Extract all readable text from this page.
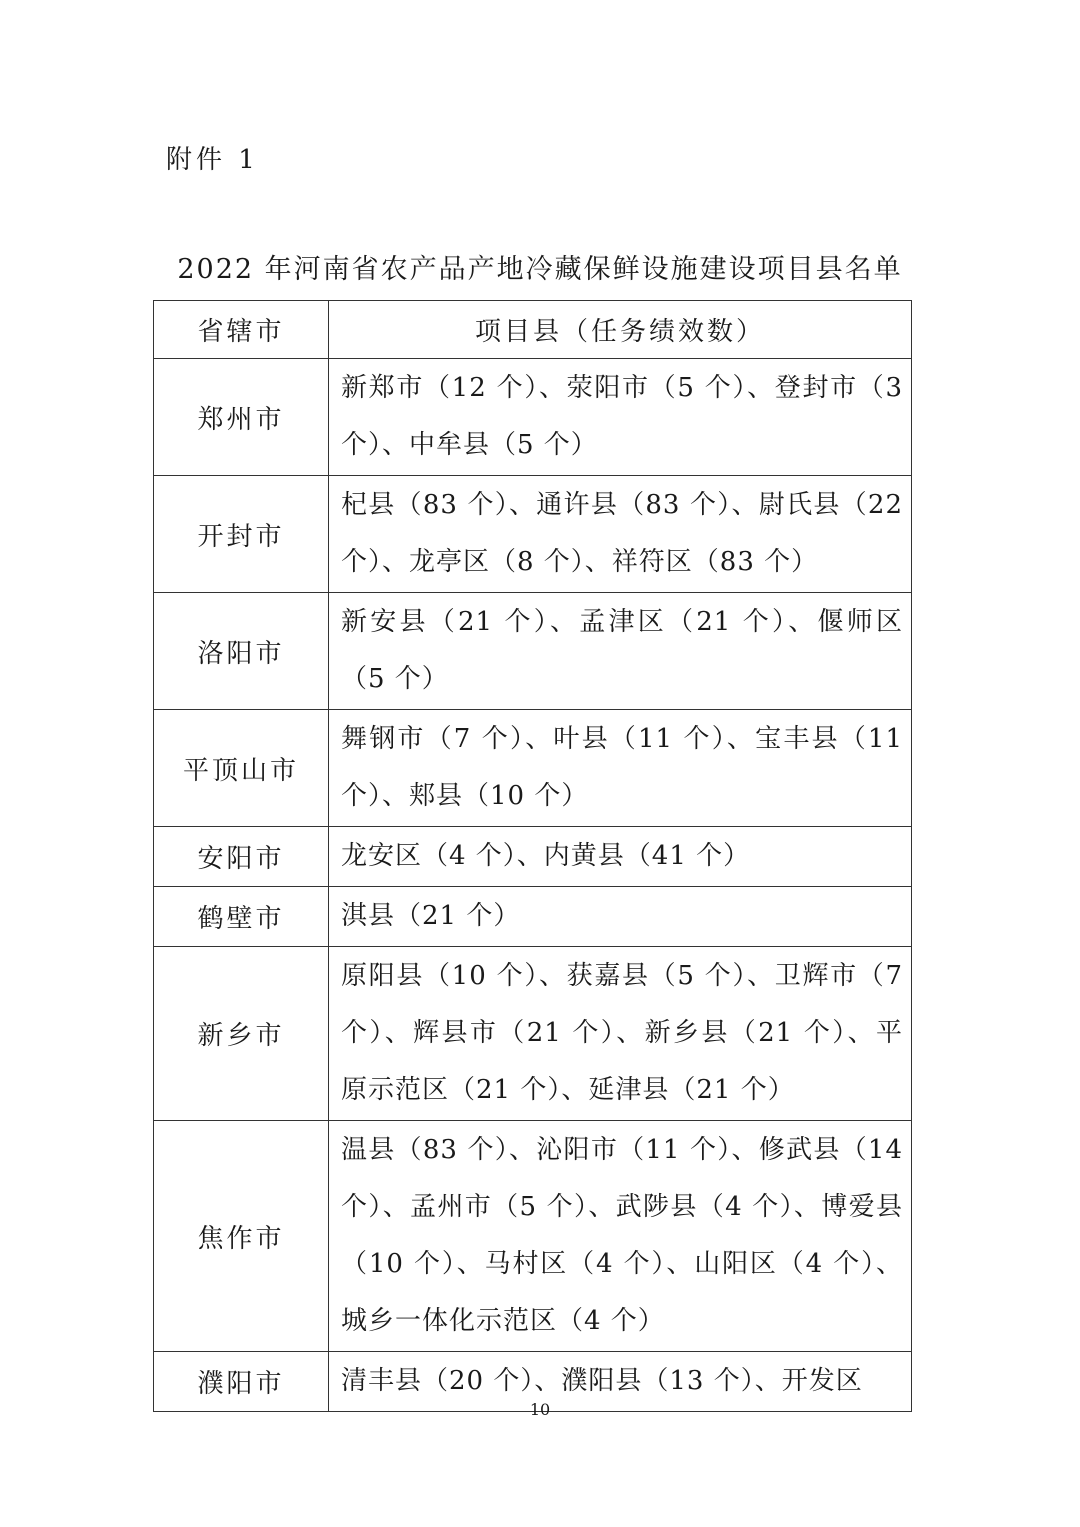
附件 1
2022 年河南省农产品产地冷藏保鲜设施建设项目县名单
省辖市	项目县（任务绩效数）
郑州市	新郑市（12 个）、荥阳市（5 个）、登封市（3 个）、中牟县（5 个）
开封市	杞县（83 个）、通许县（83 个）、尉氏县（22 个）、龙亭区（8 个）、祥符区（83 个）
洛阳市	新安县（21 个）、孟津区（21 个）、偃师区（5 个）
平顶山市	舞钢市（7 个）、叶县（11 个）、宝丰县（11 个）、郏县（10 个）
安阳市	龙安区（4 个）、内黄县（41 个）
鹤壁市	淇县（21 个）
新乡市	原阳县（10 个）、获嘉县（5 个）、卫辉市（7 个）、辉县市（21 个）、新乡县（21 个）、平原示范区（21 个）、延津县（21 个）
焦作市	温县（83 个）、沁阳市（11 个）、修武县（14 个）、孟州市（5 个）、武陟县（4 个）、博爱县（10 个）、马村区（4 个）、山阳区（4 个）、城乡一体化示范区（4 个）
濮阳市	清丰县（20 个）、濮阳县（13 个）、开发区
10
